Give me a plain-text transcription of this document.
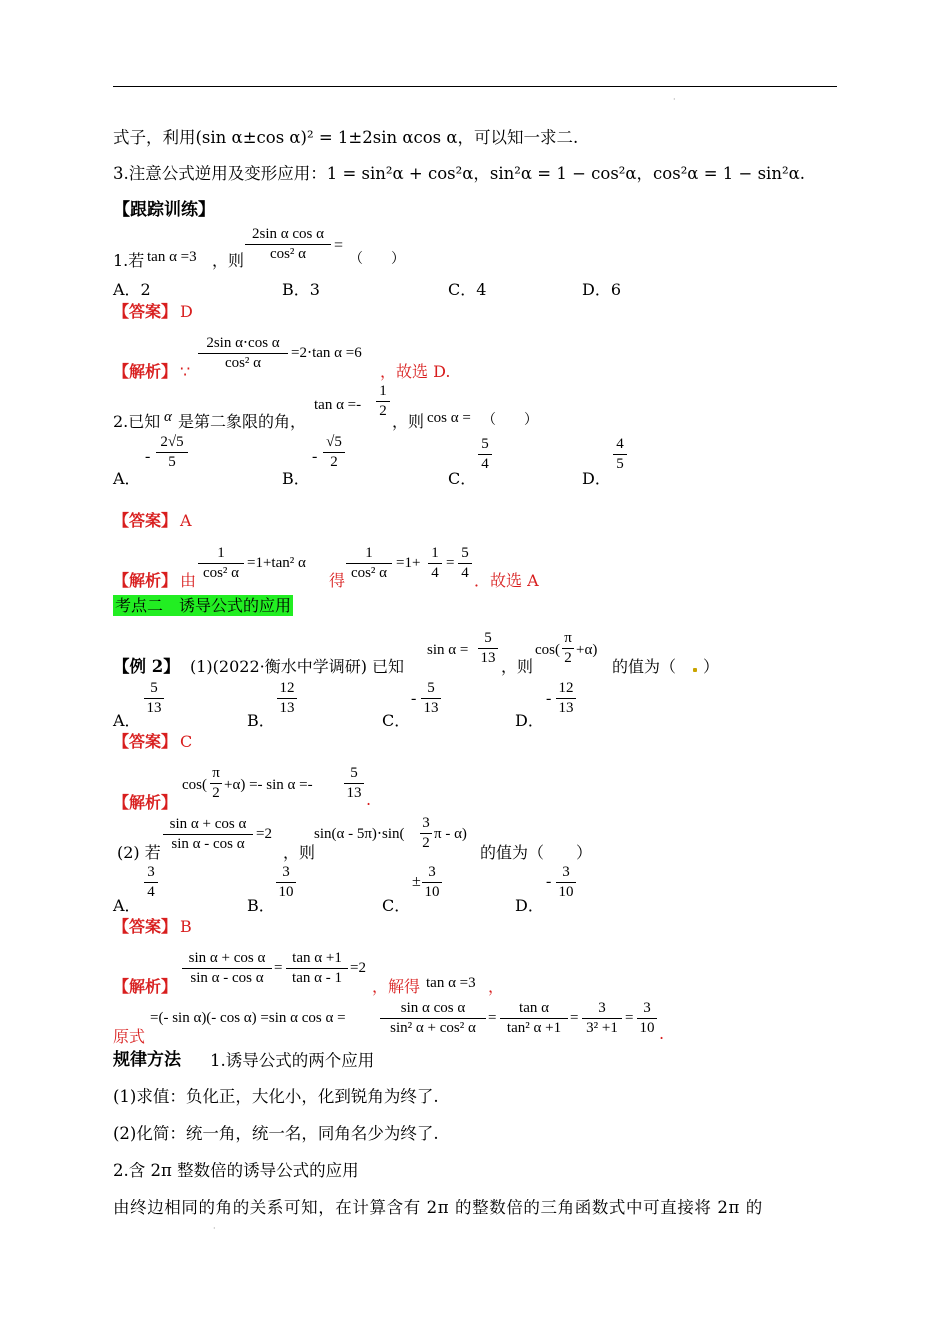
·
式子，利用(sin α±cos α)² = 1±2sin αcos α，可以知一求二.
3.注意公式逆用及变形应用：1 = sin²α + cos²α，sin²α = 1 − cos²α，cos²α = 1 − sin²α.
【跟踪训练】
1.若 tan α =3 ，则
2sin α cos α
cos² α
=
（　　）
A．2	B．3	C．4	D．6
【答案】 D
【解析】 ∵
2sin α⋅cos α
cos² α
=2⋅tan α =6
，故选 D.
2.已知 α 是第二象限的角，
tan α =-
1
2
，则 cos α = （　　）
A．
-
2√5
5
B．
-
√5
2
C．
5
4
D．
4
5
【答案】 A
【解析】 由
1
cos² α
=1+tan² α
得
1
cos² α
=1+
1
4
=
5
4 ．故选 A
考点二　诱导公式的应用
【例 2】 (1)(2022·衡水中学调研) 已知
sin α =
5
13 ，则
cos(
π
2
+α)
的值为（ ）
A．
5
13
B．
12
13
C．
-
5
13
D．
-
12
13
【答案】 C
【解析】
cos(
π
2
+α) =- sin α =-
5
13 .
(2) 若
sin α + cos α
sin α - cos α
=2
，则
sin(α - 5π)⋅sin(
3
2
π - α)
的值为（　　）
A．
3
4
B．
3
10
C．
±
3
10
D．
-
3
10
【答案】 B
【解析】
sin α + cos α
sin α - cos α
=
tan α +1
tan α - 1
=2
，解得 tan α =3 ，
原式
=(- sin α)(- cos α) =sin α cos α =
sin α cos α
sin² α + cos² α
=
tan α
tan² α +1
=
3
3² +1
=
3
10 .
规律方法 1.诱导公式的两个应用
(1)求值：负化正，大化小，化到锐角为终了.
(2)化简：统一角，统一名，同角名少为终了.
2.含 2π 整数倍的诱导公式的应用
由终边相同的角的关系可知，在计算含有 2π 的整数倍的三角函数式中可直接将 2π 的
·
